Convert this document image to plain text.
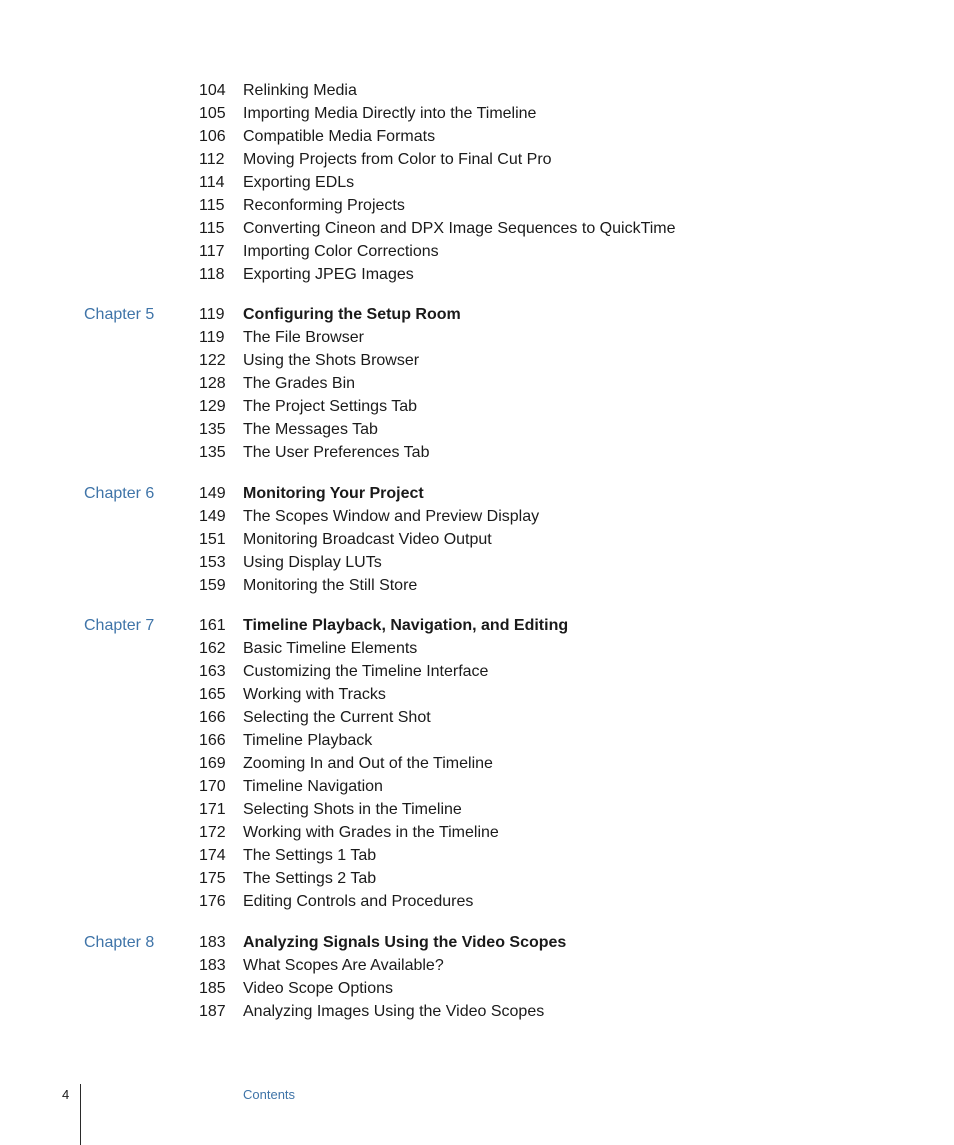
104 Relinking Media
105 Importing Media Directly into the Timeline
106 Compatible Media Formats
112 Moving Projects from Color to Final Cut Pro
114 Exporting EDLs
115 Reconforming Projects
115 Converting Cineon and DPX Image Sequences to QuickTime
117 Importing Color Corrections
118 Exporting JPEG Images
Chapter 5	119 Configuring the Setup Room
119 The File Browser
122 Using the Shots Browser
128 The Grades Bin
129 The Project Settings Tab
135 The Messages Tab
135 The User Preferences Tab
Chapter 6	149 Monitoring Your Project
149 The Scopes Window and Preview Display
151 Monitoring Broadcast Video Output
153 Using Display LUTs
159 Monitoring the Still Store
Chapter 7	161 Timeline Playback, Navigation, and Editing
162 Basic Timeline Elements
163 Customizing the Timeline Interface
165 Working with Tracks
166 Selecting the Current Shot
166 Timeline Playback
169 Zooming In and Out of the Timeline
170 Timeline Navigation
171 Selecting Shots in the Timeline
172 Working with Grades in the Timeline
174 The Settings 1 Tab
175 The Settings 2 Tab
176 Editing Controls and Procedures
Chapter 8	183 Analyzing Signals Using the Video Scopes
183 What Scopes Are Available?
185 Video Scope Options
187 Analyzing Images Using the Video Scopes
4	Contents
